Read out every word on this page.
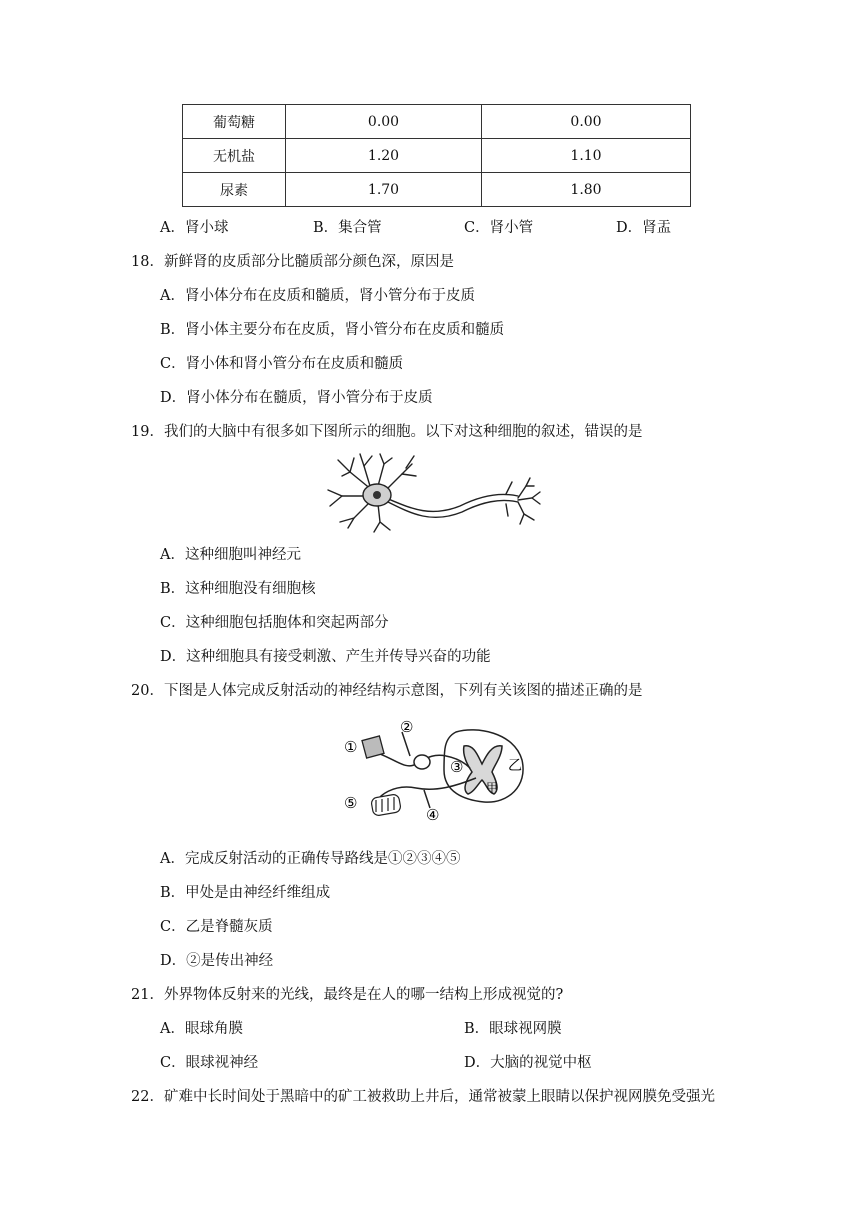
葡萄糖	0.00	0.00
无机盐	1.20	1.10
尿素	1.70	1.80
A．肾小球	B．集合管	C．肾小管	D．肾盂
18．新鲜肾的皮质部分比髓质部分颜色深，原因是
A．肾小体分布在皮质和髓质，肾小管分布于皮质
B．肾小体主要分布在皮质，肾小管分布在皮质和髓质
C．肾小体和肾小管分布在皮质和髓质
D．肾小体分布在髓质，肾小管分布于皮质
19．我们的大脑中有很多如下图所示的细胞。以下对这种细胞的叙述，错误的是
A．这种细胞叫神经元
B．这种细胞没有细胞核
C．这种细胞包括胞体和突起两部分
D．这种细胞具有接受刺激、产生并传导兴奋的功能
20．下图是人体完成反射活动的神经结构示意图，下列有关该图的描述正确的是
①
②
③
④
⑤
甲
乙
A．完成反射活动的正确传导路线是①②③④⑤
B．甲处是由神经纤维组成
C．乙是脊髓灰质
D．②是传出神经
21．外界物体反射来的光线，最终是在人的哪一结构上形成视觉的?
A．眼球角膜	B．眼球视网膜
C．眼球视神经	D．大脑的视觉中枢
22．矿难中长时间处于黑暗中的矿工被救助上井后，通常被蒙上眼睛以保护视网膜免受强光
